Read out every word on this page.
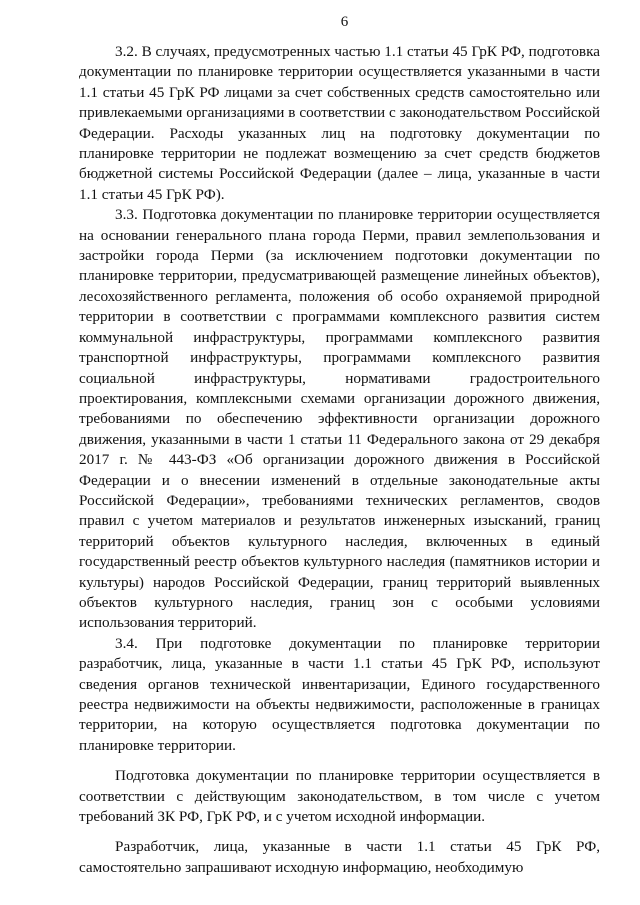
6

3.2. В случаях, предусмотренных частью 1.1 статьи 45 ГрК РФ, подготовка документации по планировке территории осуществляется указанными в части 1.1 статьи 45 ГрК РФ лицами за счет собственных средств самостоятельно или привлекаемыми организациями в соответствии с законодательством Российской Федерации. Расходы указанных лиц на подготовку документации по планировке территории не подлежат возмещению за счет средств бюджетов бюджетной системы Российской Федерации (далее – лица, указанные в части 1.1 статьи 45 ГрК РФ).

3.3. Подготовка документации по планировке территории осуществляется на основании генерального плана города Перми, правил землепользования и застройки города Перми (за исключением подготовки документации по планировке территории, предусматривающей размещение линейных объектов), лесохозяйственного регламента, положения об особо охраняемой природной территории в соответствии с программами комплексного развития систем коммунальной инфраструктуры, программами комплексного развития транспортной инфраструктуры, программами комплексного развития социальной инфраструктуры, нормативами градостроительного проектирования, комплексными схемами организации дорожного движения, требованиями по обеспечению эффективности организации дорожного движения, указанными в части 1 статьи 11 Федерального закона от 29 декабря 2017 г. № 443-ФЗ «Об организации дорожного движения в Российской Федерации и о внесении изменений в отдельные законодательные акты Российской Федерации», требованиями технических регламентов, сводов правил с учетом материалов и результатов инженерных изысканий, границ территорий объектов культурного наследия, включенных в единый государственный реестр объектов культурного наследия (памятников истории и культуры) народов Российской Федерации, границ территорий выявленных объектов культурного наследия, границ зон с особыми условиями использования территорий.

3.4. При подготовке документации по планировке территории разработчик, лица, указанные в части 1.1 статьи 45 ГрК РФ, используют сведения органов технической инвентаризации, Единого государственного реестра недвижимости на объекты недвижимости, расположенные в границах территории, на которую осуществляется подготовка документации по планировке территории.

Подготовка документации по планировке территории осуществляется в соответствии с действующим законодательством, в том числе с учетом требований ЗК РФ, ГрК РФ, и с учетом исходной информации.

Разработчик, лица, указанные в части 1.1 статьи 45 ГрК РФ, самостоятельно запрашивают исходную информацию, необходимую
